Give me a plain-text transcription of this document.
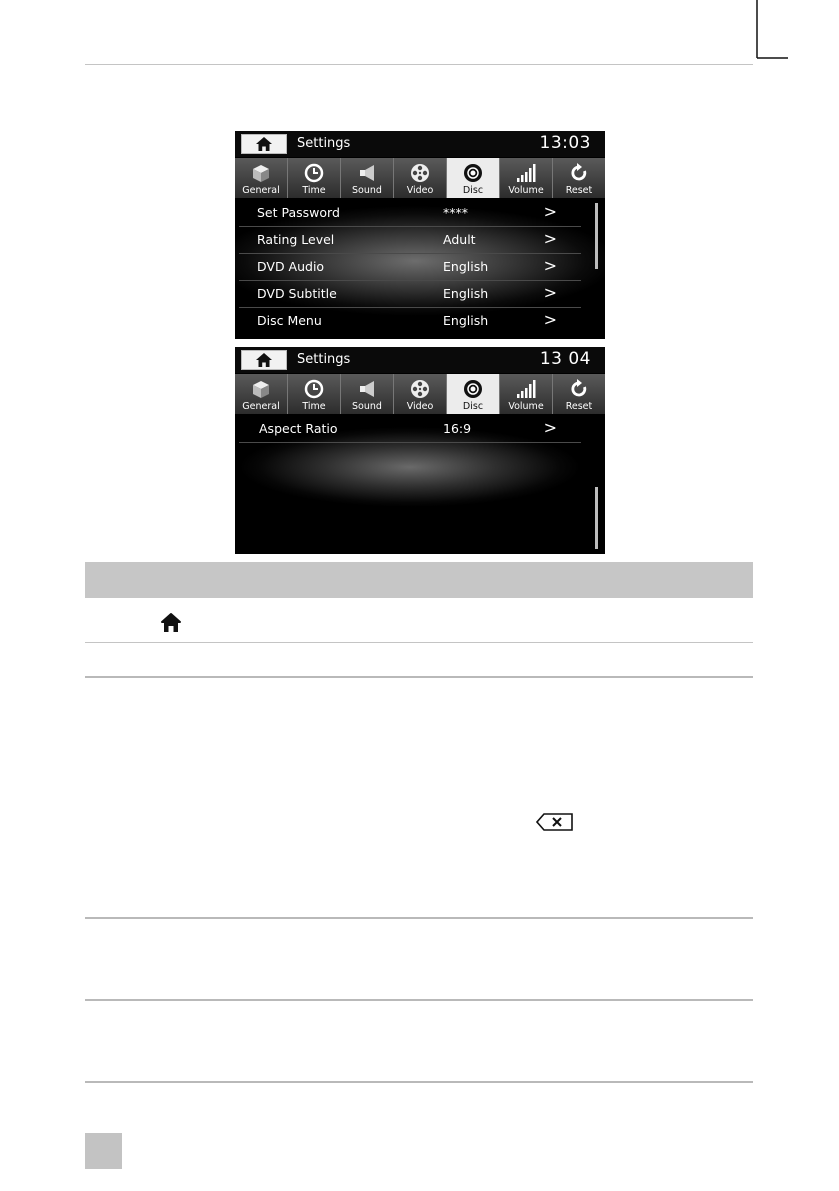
Settings	13:03
General Time	Sound	Video	Disc	Volume Reset
Set Password	****	>
Rating Level	Adult	>
DVD Audio	English	>
DVD Subtitle	English	>
Disc Menu	English	>
Settings	13 04
General Time	Sound	Video	Disc	Volume Reset
Aspect Ratio	16:9	>
